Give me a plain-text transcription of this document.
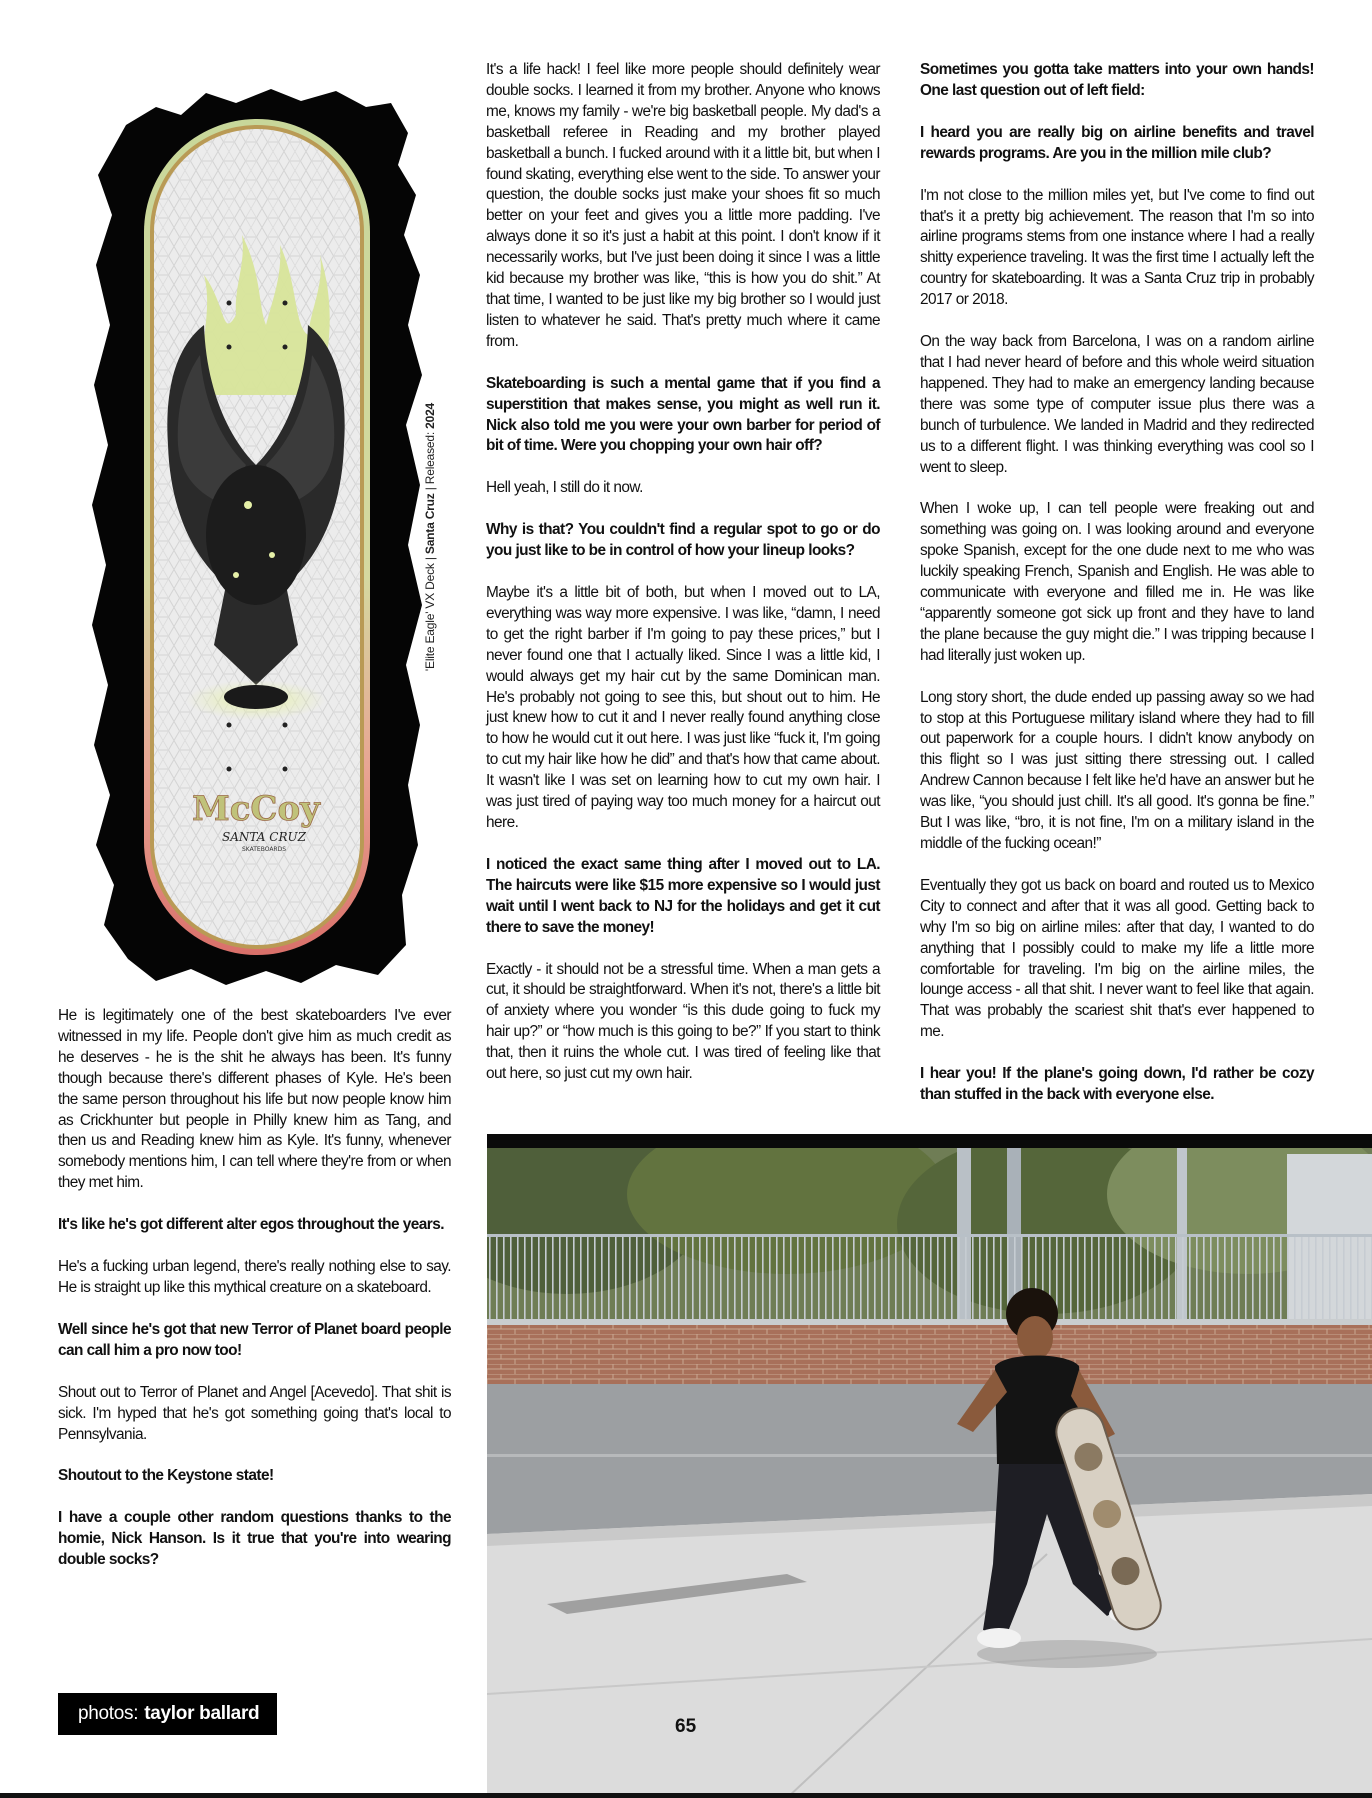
McCoy
SANTA CRUZ
SKATEBOARDS
'Elite Eagle' VX Deck | Santa Cruz | Released: 2024

He is legitimately one of the best skateboarders I've ever witnessed in my life. People don't give him as much credit as he deserves - he is the shit he always has been. It's funny though because there's different phases of Kyle. He's been the same person throughout his life but now people know him as Crickhunter but people in Philly knew him as Tang, and then us and Reading knew him as Kyle. It's funny, whenever somebody mentions him, I can tell where they're from or when they met him.

It's like he's got different alter egos throughout the years.

He's a fucking urban legend, there's really nothing else to say. He is straight up like this mythical creature on a skateboard.

Well since he's got that new Terror of Planet board people can call him a pro now too!

Shout out to Terror of Planet and Angel [Acevedo]. That shit is sick. I'm hyped that he's got something going that's local to Pennsylvania.

Shoutout to the Keystone state!

I have a couple other random questions thanks to the homie, Nick Hanson. Is it true that you're into wearing double socks?

It's a life hack! I feel like more people should definitely wear double socks. I learned it from my brother. Anyone who knows me, knows my family - we're big basketball people. My dad's a basketball referee in Reading and my brother played basketball a bunch. I fucked around with it a little bit, but when I found skating, everything else went to the side. To answer your question, the double socks just make your shoes fit so much better on your feet and gives you a little more padding. I've always done it so it's just a habit at this point. I don't know if it necessarily works, but I've just been doing it since I was a little kid because my brother was like, “this is how you do shit.” At that time, I wanted to be just like my big brother so I would just listen to whatever he said. That's pretty much where it came from.

Skateboarding is such a mental game that if you find a superstition that makes sense, you might as well run it. Nick also told me you were your own barber for period of bit of time. Were you chopping your own hair off?

Hell yeah, I still do it now.

Why is that? You couldn't find a regular spot to go or do you just like to be in control of how your lineup looks?

Maybe it's a little bit of both, but when I moved out to LA, everything was way more expensive. I was like, “damn, I need to get the right barber if I'm going to pay these prices,” but I never found one that I actually liked. Since I was a little kid, I would always get my hair cut by the same Dominican man. He's probably not going to see this, but shout out to him. He just knew how to cut it and I never really found anything close to how he would cut it out here. I was just like “fuck it, I'm going to cut my hair like how he did” and that's how that came about. It wasn't like I was set on learning how to cut my own hair. I was just tired of paying way too much money for a haircut out here.

I noticed the exact same thing after I moved out to LA. The haircuts were like $15 more expensive so I would just wait until I went back to NJ for the holidays and get it cut there to save the money!

Exactly - it should not be a stressful time. When a man gets a cut, it should be straightforward. When it's not, there's a little bit of anxiety where you wonder “is this dude going to fuck my hair up?” or “how much is this going to be?” If you start to think that, then it ruins the whole cut. I was tired of feeling like that out here, so just cut my own hair.

Sometimes you gotta take matters into your own hands! One last question out of left field:

I heard you are really big on airline benefits and travel rewards programs. Are you in the million mile club?

I'm not close to the million miles yet, but I've come to find out that's it a pretty big achievement. The reason that I'm so into airline programs stems from one instance where I had a really shitty experience traveling. It was the first time I actually left the country for skateboarding. It was a Santa Cruz trip in probably 2017 or 2018.

On the way back from Barcelona, I was on a random airline that I had never heard of before and this whole weird situation happened. They had to make an emergency landing because there was some type of computer issue plus there was a bunch of turbulence. We landed in Madrid and they redirected us to a different flight. I was thinking everything was cool so I went to sleep.

When I woke up, I can tell people were freaking out and something was going on. I was looking around and everyone spoke Spanish, except for the one dude next to me who was luckily speaking French, Spanish and English. He was able to communicate with everyone and filled me in. He was like “apparently someone got sick up front and they have to land the plane because the guy might die.” I was tripping because I had literally just woken up.

Long story short, the dude ended up passing away so we had to stop at this Portuguese military island where they had to fill out paperwork for a couple hours. I didn't know anybody on this flight so I was just sitting there stressing out. I called Andrew Cannon because I felt like he'd have an answer but he was like, “you should just chill. It's all good. It's gonna be fine.” But I was like, “bro, it is not fine, I'm on a military island in the middle of the fucking ocean!”

Eventually they got us back on board and routed us to Mexico City to connect and after that it was all good. Getting back to why I'm so big on airline miles: after that day, I wanted to do anything that I possibly could to make my life a little more comfortable for traveling. I'm big on the airline miles, the lounge access - all that shit. I never want to feel like that again. That was probably the scariest shit that's ever happened to me.

I hear you! If the plane's going down, I'd rather be cozy than stuffed in the back with everyone else.

photos: taylor ballard
65
